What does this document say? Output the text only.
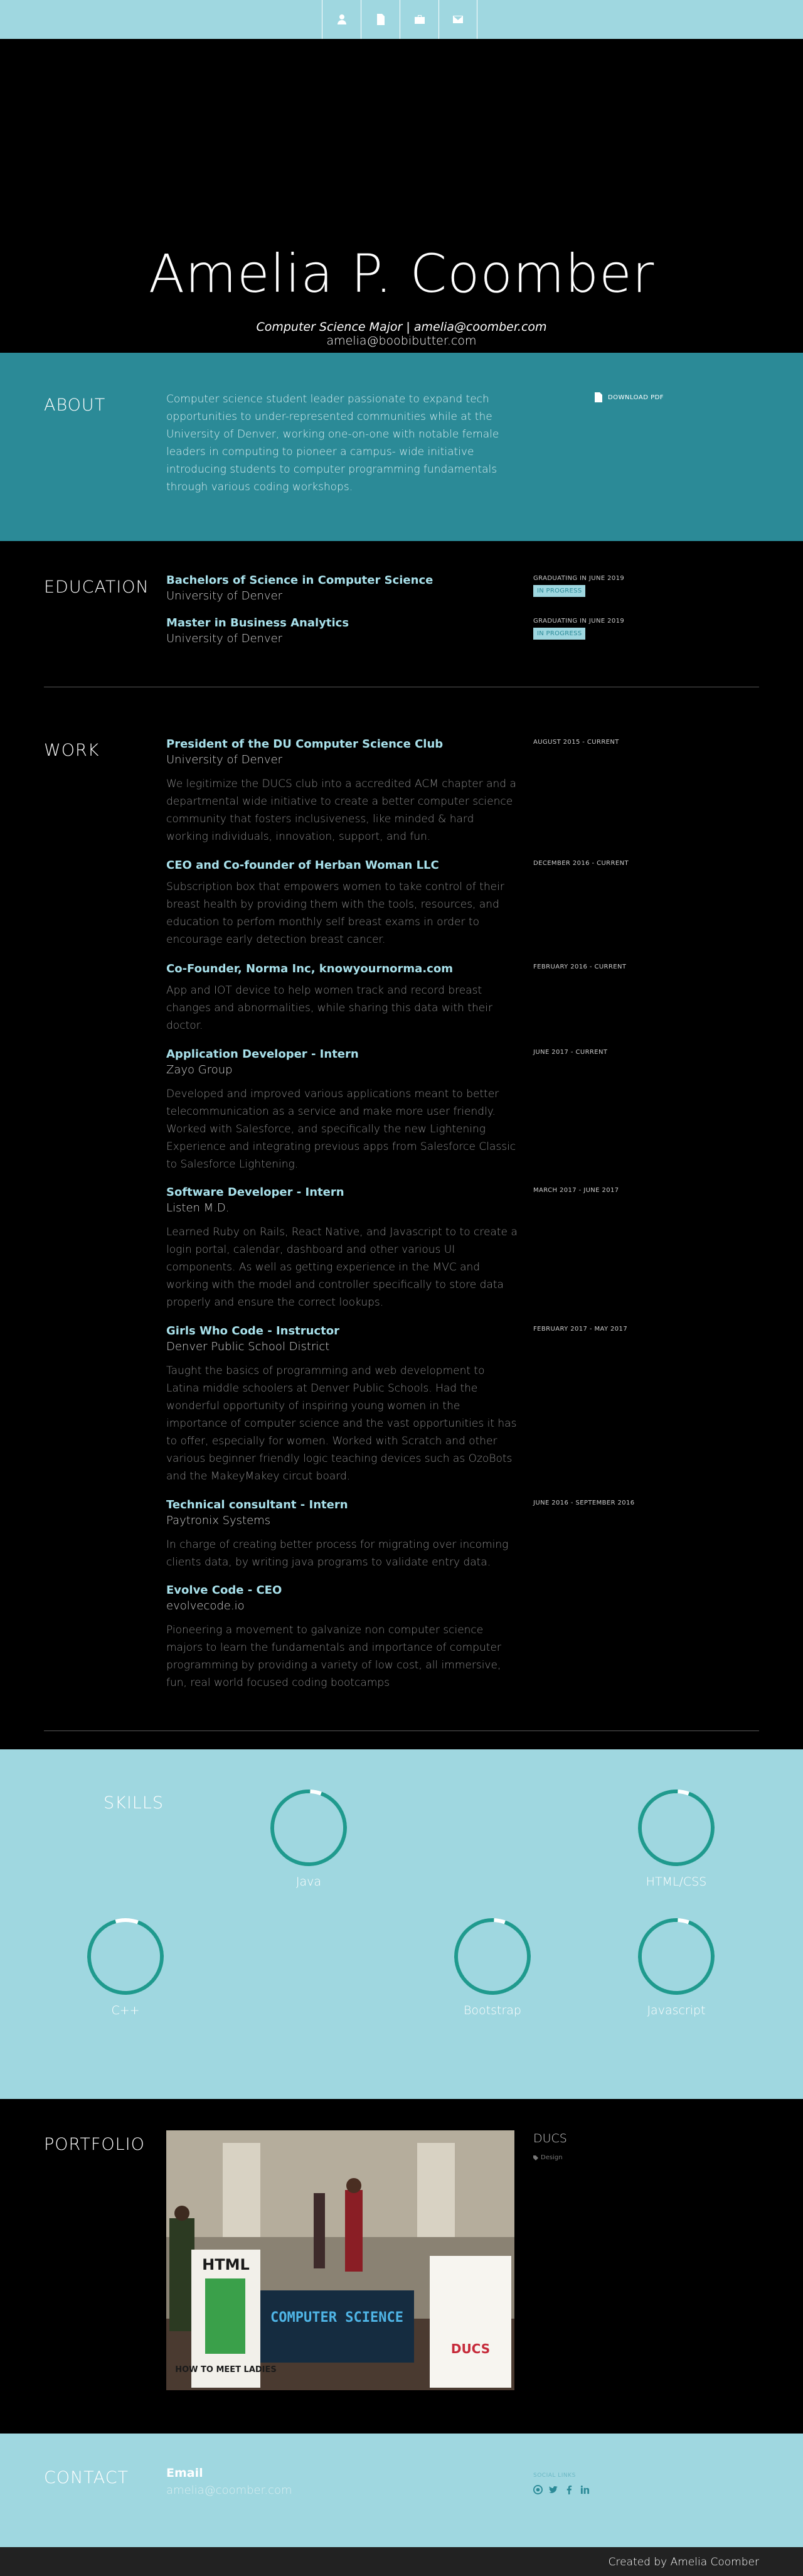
Amelia P. Coomber
Computer Science Major | amelia@coomber.com
amelia@boobibutter.com
ABOUT	Computer science student leader passionate to expand tech opportunities to under-represented communities while at the University of Denver, working one-on-one with notable female leaders in computing to pioneer a campus- wide initiative introducing students to computer programming fundamentals through various coding workshops.
DOWNLOAD PDF
EDUCATION Bachelors of Science in Computer Science
University of Denver
GRADUATING IN JUNE 2019
IN PROGRESS
Master in Business Analytics
University of Denver
GRADUATING IN JUNE 2019
IN PROGRESS
WORK	President of the DU Computer Science Club
University of Denver
We legitimize the DUCS club into a accredited ACM chapter and a departmental wide initiative to create a better computer science community that fosters inclusiveness, like minded & hard working individuals, innovation, support, and fun.
AUGUST 2015 - CURRENT
CEO and Co-founder of Herban Woman LLC
Subscription box that empowers women to take control of their breast health by providing them with the tools, resources, and education to perfom monthly self breast exams in order to encourage early detection breast cancer.
DECEMBER 2016 - CURRENT
Co-Founder, Norma Inc, knowyournorma.com
App and IOT device to help women track and record breast changes and abnormalities, while sharing this data with their doctor.
FEBRUARY 2016 - CURRENT
Application Developer - Intern
Zayo Group
Developed and improved various applications meant to better telecommunication as a service and make more user friendly. Worked with Salesforce, and specifically the new Lightening Experience and integrating previous apps from Salesforce Classic to Salesforce Lightening.
JUNE 2017 - CURRENT
Software Developer - Intern
Listen M.D.
Learned Ruby on Rails, React Native, and Javascript to to create a login portal, calendar, dashboard and other various UI components. As well as getting experience in the MVC and working with the model and controller specifically to store data properly and ensure the correct lookups.
MARCH 2017 - JUNE 2017
Girls Who Code - Instructor
Denver Public School District
Taught the basics of programming and web development to Latina middle schoolers at Denver Public Schools. Had the wonderful opportunity of inspiring young women in the importance of computer science and the vast opportunities it has to offer, especially for women. Worked with Scratch and other various beginner friendly logic teaching devices such as OzoBots and the MakeyMakey circut board.
FEBRUARY 2017 - MAY 2017
Technical consultant - Intern
Paytronix Systems
In charge of creating better process for migrating over incoming clients data, by writing java programs to validate entry data.
JUNE 2016 - SEPTEMBER 2016
Evolve Code - CEO
evolvecode.io
Pioneering a movement to galvanize non computer science majors to learn the fundamentals and importance of computer programming by providing a variety of low cost, all immersive, fun, real world focused coding bootcamps
SKILLS
Java	HTML/CSS
C++	Bootstrap	Javascript
PORTFOLIO
HTML
HOW TO MEET LADIES
COMPUTER SCIENCE
DUCS
DUCS
Design
CONTACT	Email
amelia@coomber.com
SOCIAL LINKS
Created by Amelia Coomber
